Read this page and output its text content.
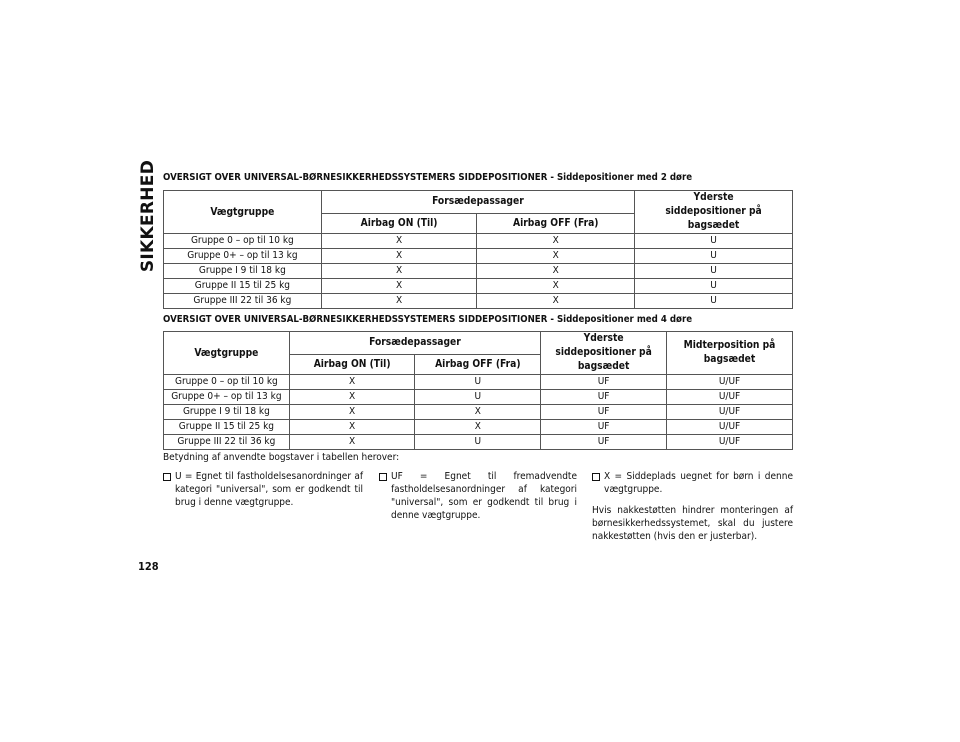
SIKKERHED OVERSIGT OVER UNIVERSAL-BØRNESIKKERHEDSSYSTEMERS SIDDEPOSITIONER - Siddepositioner med 2 døre
Vægtgruppe	Forsædepassager		Yderste siddepositioner på bagsædet
	Airbag ON (Til)	Airbag OFF (Fra)	
Gruppe 0 – op til 10 kg	X	X	U
Gruppe 0+ – op til 13 kg	X	X	U
Gruppe I 9 til 18 kg	X	X	U
Gruppe II 15 til 25 kg	X	X	U
Gruppe III 22 til 36 kg	X	X	U
OVERSIGT OVER UNIVERSAL-BØRNESIKKERHEDSSYSTEMERS SIDDEPOSITIONER - Siddepositioner med 4 døre
Vægtgruppe	Forsædepassager		Yderste siddepositioner på bagsædet	Midterposition på bagsædet
	Airbag ON (Til)	Airbag OFF (Fra)		
Gruppe 0 – op til 10 kg	X	U	UF	U/UF
Gruppe 0+ – op til 13 kg	X	U	UF	U/UF
Gruppe I 9 til 18 kg	X	X	UF	U/UF
Gruppe II 15 til 25 kg	X	X	UF	U/UF
Gruppe III 22 til 36 kg	X	U	UF	U/UF
Betydning af anvendte bogstaver i tabellen herover:
U = Egnet til fastholdelsesanordninger af kategori "universal", som er godkendt til brug i denne vægtgruppe.
UF = Egnet til fremadvendte fastholdelsesanordninger af kategori "universal", som er godkendt til brug i denne vægtgruppe.
X = Siddeplads uegnet for børn i denne vægtgruppe.
Hvis nakkestøtten hindrer monteringen af børnesikkerhedssystemet, skal du justere nakkestøtten (hvis den er justerbar).
128
